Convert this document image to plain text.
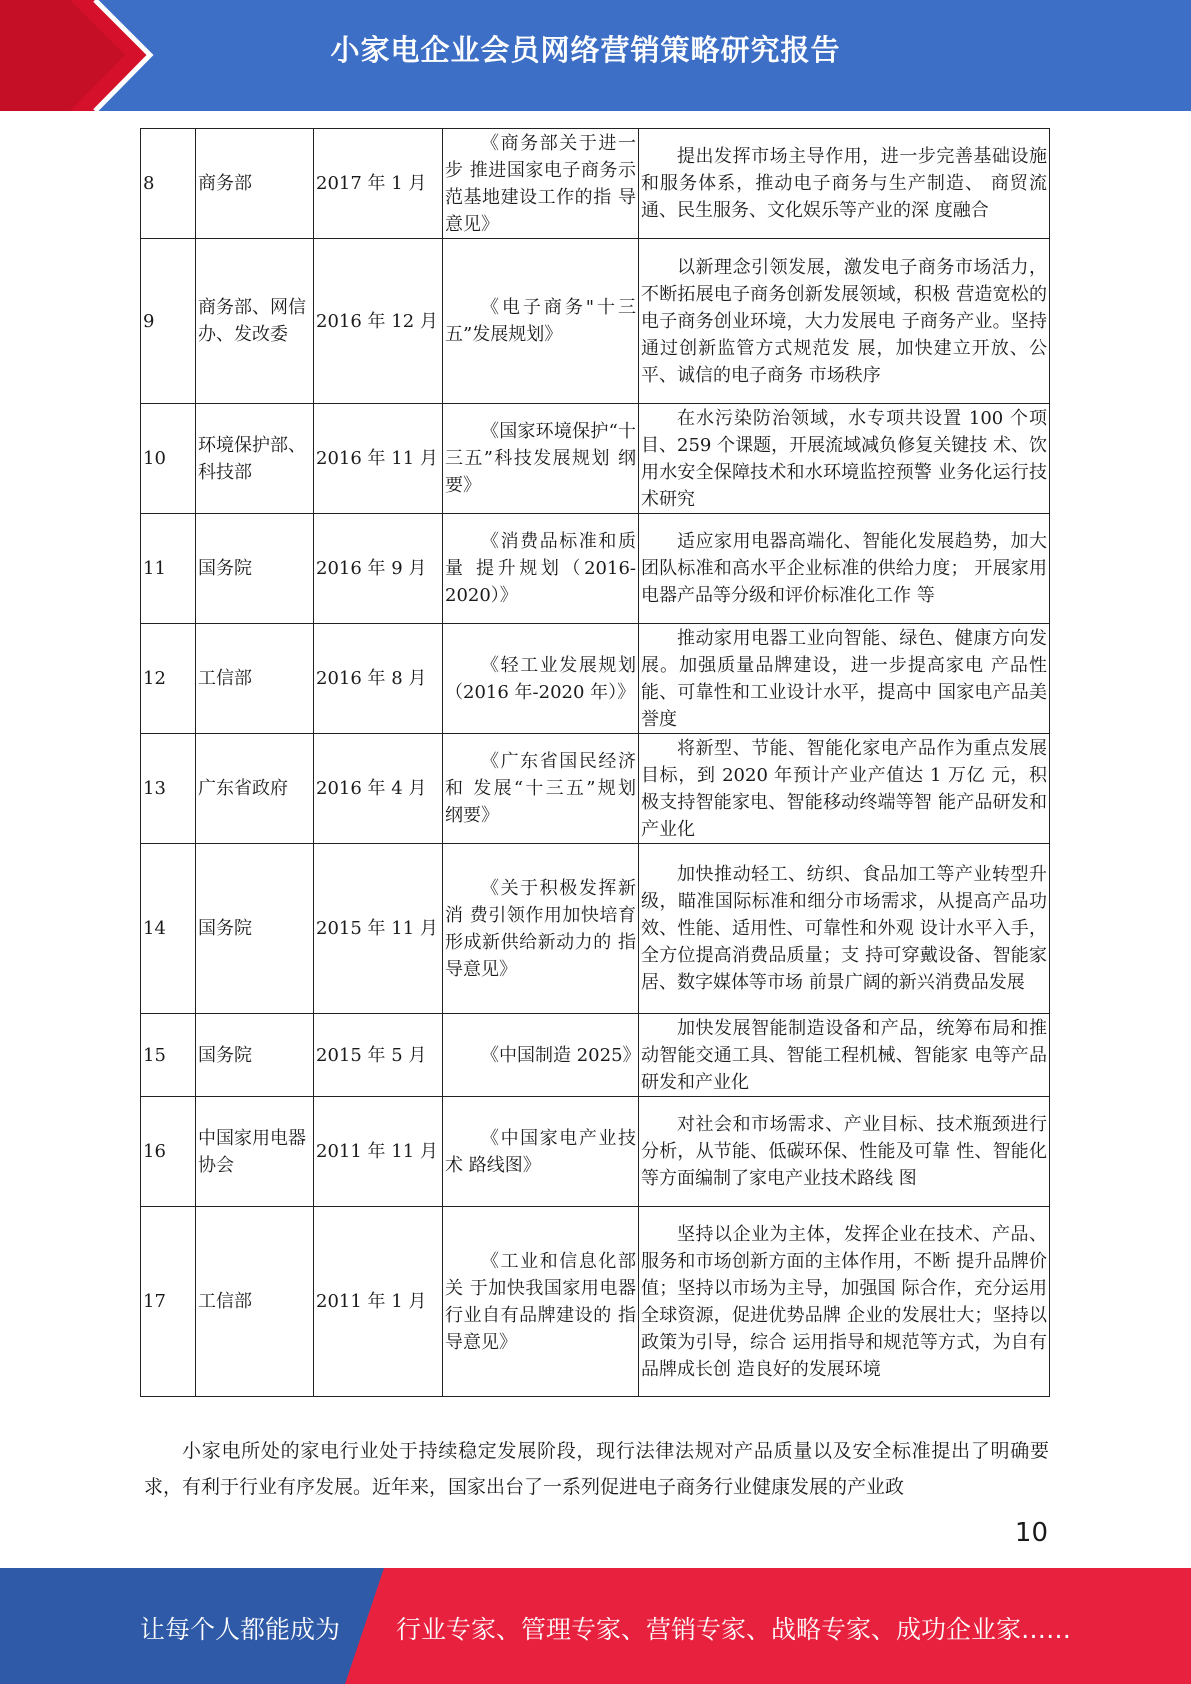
小家电企业会员网络营销策略研究报告
8	商务部	2017 年 1 月	《商务部关于进一步 推进国家电子商务示 范基地建设工作的指 导意见》	提出发挥市场主导作用，进一步完善基础设施和服务体系，推动电子商务与生产制造、 商贸流通、民生服务、文化娱乐等产业的深 度融合
9	商务部、网信办、发改委	2016 年 12 月	《电子商务"十三五”发展规划》	以新理念引领发展，激发电子商务市场活力，不断拓展电子商务创新发展领域，积极 营造宽松的电子商务创业环境，大力发展电 子商务产业。坚持通过创新监管方式规范发 展，加快建立开放、公平、诚信的电子商务 市场秩序
10	环境保护部、科技部	2016 年 11 月	《国家环境保护“十 三五”科技发展规划 纲要》	在水污染防治领域，水专项共设置 100 个项目、259 个课题，开展流域减负修复关键技 术、饮用水安全保障技术和水环境监控预警 业务化运行技术研究
11	国务院	2016 年 9 月	《消费品标准和质量 提升规划（2016-2020）》	适应家用电器高端化、智能化发展趋势，加大团队标准和高水平企业标准的供给力度； 开展家用电器产品等分级和评价标准化工作 等
12	工信部	2016 年 8 月	《轻工业发展规划（2016 年-2020 年）》	推动家用电器工业向智能、绿色、健康方向发展。加强质量品牌建设，进一步提高家电 产品性能、可靠性和工业设计水平，提高中 国家电产品美誉度
13	广东省政府	2016 年 4 月	《广东省国民经济和 发展“十三五”规划 纲要》	将新型、节能、智能化家电产品作为重点发展目标，到 2020 年预计产业产值达 1 万亿 元，积极支持智能家电、智能移动终端等智 能产品研发和产业化
14	国务院	2015 年 11 月	《关于积极发挥新消 费引领作用加快培育形成新供给新动力的 指导意见》	加快推动轻工、纺织、食品加工等产业转型升级，瞄准国际标准和细分市场需求，从提高产品功效、性能、适用性、可靠性和外观 设计水平入手，全方位提高消费品质量；支 持可穿戴设备、智能家居、数字媒体等市场 前景广阔的新兴消费品发展
15	国务院	2015 年 5 月	《中国制造 2025》	加快发展智能制造设备和产品，统筹布局和推动智能交通工具、智能工程机械、智能家 电等产品研发和产业化
16	中国家用电器协会	2011 年 11 月	《中国家电产业技术 路线图》	对社会和市场需求、产业目标、技术瓶颈进行分析，从节能、低碳环保、性能及可靠 性、智能化等方面编制了家电产业技术路线 图
17	工信部	2011 年 1 月	《工业和信息化部关 于加快我国家用电器 行业自有品牌建设的 指导意见》	坚持以企业为主体，发挥企业在技术、产品、服务和市场创新方面的主体作用，不断 提升品牌价值；坚持以市场为主导，加强国 际合作，充分运用全球资源，促进优势品牌 企业的发展壮大；坚持以政策为引导，综合 运用指导和规范等方式，为自有品牌成长创 造良好的发展环境
小家电所处的家电行业处于持续稳定发展阶段，现行法律法规对产品质量以及安全标准提出了明确要求，有利于行业有序发展。近年来，国家出台了一系列促进电子商务行业健康发展的产业政
10
让每个人都能成为 行业专家、管理专家、营销专家、战略专家、成功企业家……
